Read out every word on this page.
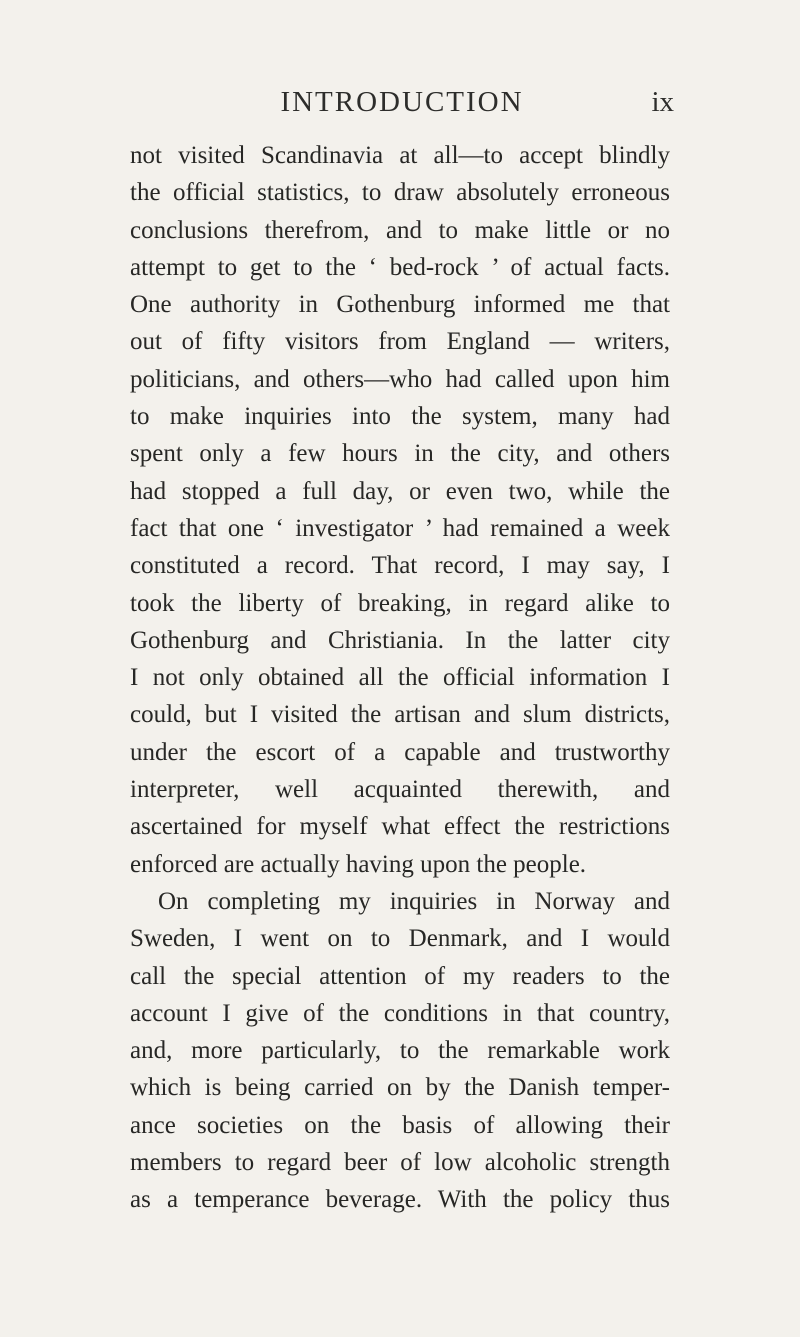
INTRODUCTION	ix
not visited Scandinavia at all—to accept blindly
the official statistics, to draw absolutely erroneous
conclusions therefrom, and to make little or no
attempt to get to the ‘ bed-rock ’ of actual facts.
One authority in Gothenburg informed me that
out of fifty visitors from England — writers,
politicians, and others—who had called upon him
to make inquiries into the system, many had
spent only a few hours in the city, and others
had stopped a full day, or even two, while the
fact that one ‘ investigator ’ had remained a week
constituted a record. That record, I may say, I
took the liberty of breaking, in regard alike to
Gothenburg and Christiania. In the latter city
I not only obtained all the official information I
could, but I visited the artisan and slum districts,
under the escort of a capable and trustworthy
interpreter, well acquainted therewith, and
ascertained for myself what effect the restrictions
enforced are actually having upon the people.
On completing my inquiries in Norway and
Sweden, I went on to Denmark, and I would
call the special attention of my readers to the
account I give of the conditions in that country,
and, more particularly, to the remarkable work
which is being carried on by the Danish temper-
ance societies on the basis of allowing their
members to regard beer of low alcoholic strength
as a temperance beverage. With the policy thus
